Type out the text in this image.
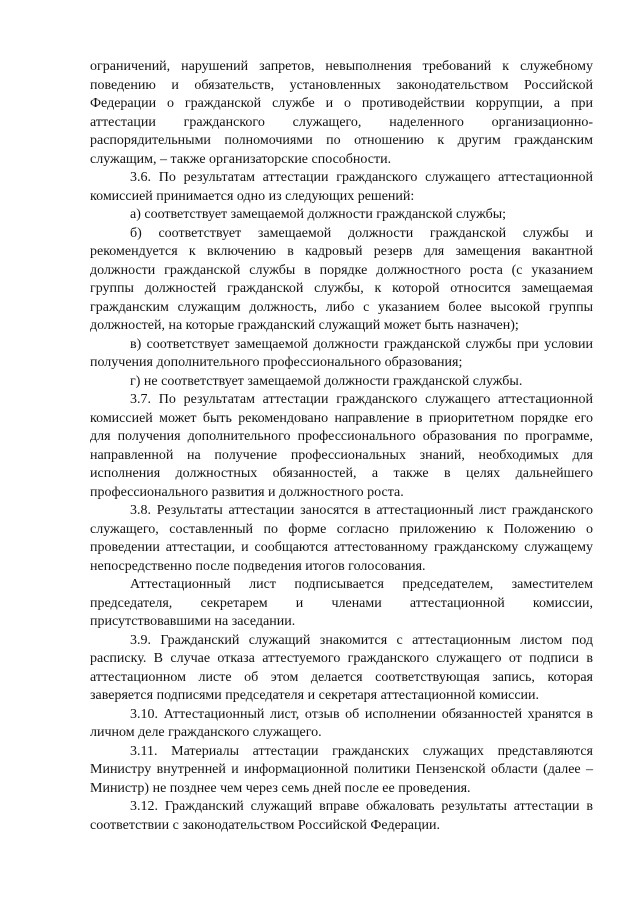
ограничений, нарушений запретов, невыполнения требований к служебному поведению и обязательств, установленных законодательством Российской Федерации о гражданской службе и о противодействии коррупции, а при аттестации гражданского служащего, наделенного организационно-распорядительными полномочиями по отношению к другим гражданским служащим, – также организаторские способности.

3.6. По результатам аттестации гражданского служащего аттестационной комиссией принимается одно из следующих решений:

а) соответствует замещаемой должности гражданской службы;

б) соответствует замещаемой должности гражданской службы и рекомендуется к включению в кадровый резерв для замещения вакантной должности гражданской службы в порядке должностного роста (с указанием группы должностей гражданской службы, к которой относится замещаемая гражданским служащим должность, либо с указанием более высокой группы должностей, на которые гражданский служащий может быть назначен);

в) соответствует замещаемой должности гражданской службы при условии получения дополнительного профессионального образования;

г) не соответствует замещаемой должности гражданской службы.

3.7. По результатам аттестации гражданского служащего аттестационной комиссией может быть рекомендовано направление в приоритетном порядке его для получения дополнительного профессионального образования по программе, направленной на получение профессиональных знаний, необходимых для исполнения должностных обязанностей, а также в целях дальнейшего профессионального развития и должностного роста.

3.8. Результаты аттестации заносятся в аттестационный лист гражданского служащего, составленный по форме согласно приложению к Положению о проведении аттестации, и сообщаются аттестованному гражданскому служащему непосредственно после подведения итогов голосования.

Аттестационный лист подписывается председателем, заместителем председателя, секретарем и членами аттестационной комиссии, присутствовавшими на заседании.

3.9. Гражданский служащий знакомится с аттестационным листом под расписку. В случае отказа аттестуемого гражданского служащего от подписи в аттестационном листе об этом делается соответствующая запись, которая заверяется подписями председателя и секретаря аттестационной комиссии.

3.10. Аттестационный лист, отзыв об исполнении обязанностей хранятся в личном деле гражданского служащего.

3.11. Материалы аттестации гражданских служащих представляются Министру внутренней и информационной политики Пензенской области (далее – Министр) не позднее чем через семь дней после ее проведения.

3.12. Гражданский служащий вправе обжаловать результаты аттестации в соответствии с законодательством Российской Федерации.
